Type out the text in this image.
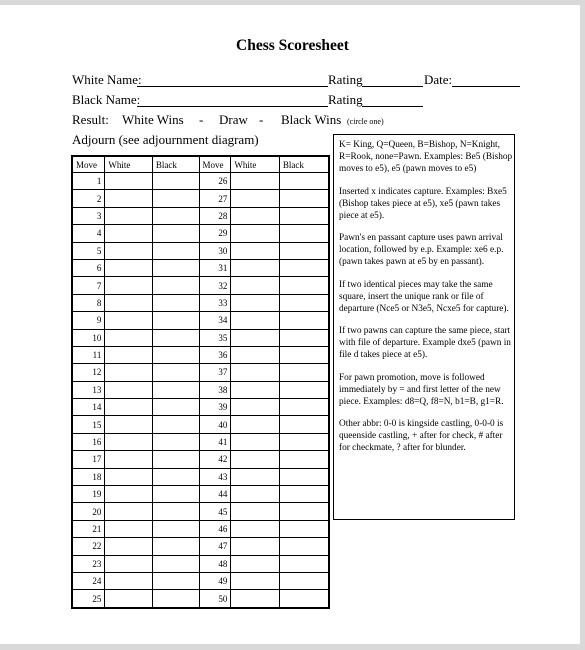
Chess Scoresheet
White Name:	Rating	Date:
Black Name:	Rating
Result: White Wins - Draw - Black Wins (circle one)
Adjourn (see adjournment diagram)
Move	White	Black	Move	White	Black
1			26		
2			27		
3			28		
4			29		
5			30		
6			31		
7			32		
8			33		
9			34		
10			35		
11			36		
12			37		
13			38		
14			39		
15			40		
16			41		
17			42		
18			43		
19			44		
20			45		
21			46		
22			47		
23			48		
24			49		
25			50		

K= King, Q=Queen, B=Bishop, N=Knight, R=Rook, none=Pawn. Examples: Be5 (Bishop moves to e5), e5 (pawn moves to e5)

Inserted x indicates capture. Examples: Bxe5 (Bishop takes piece at e5), xe5 (pawn takes piece at e5).

Pawn's en passant capture uses pawn arrival location, followed by e.p. Example: xe6 e.p.(pawn takes pawn at e5 by en passant).

If two identical pieces may take the same square, insert the unique rank or file of departure (Nce5 or N3e5, Ncxe5 for capture).

If two pawns can capture the same piece, start with file of departure. Example dxe5 (pawn in file d takes piece at e5).

For pawn promotion, move is followed immediately by = and first letter of the new piece. Examples: d8=Q, f8=N, b1=B, g1=R.

Other abbr: 0-0 is kingside castling, 0-0-0 is queenside castling, + after for check, # after for checkmate, ? after for blunder.
